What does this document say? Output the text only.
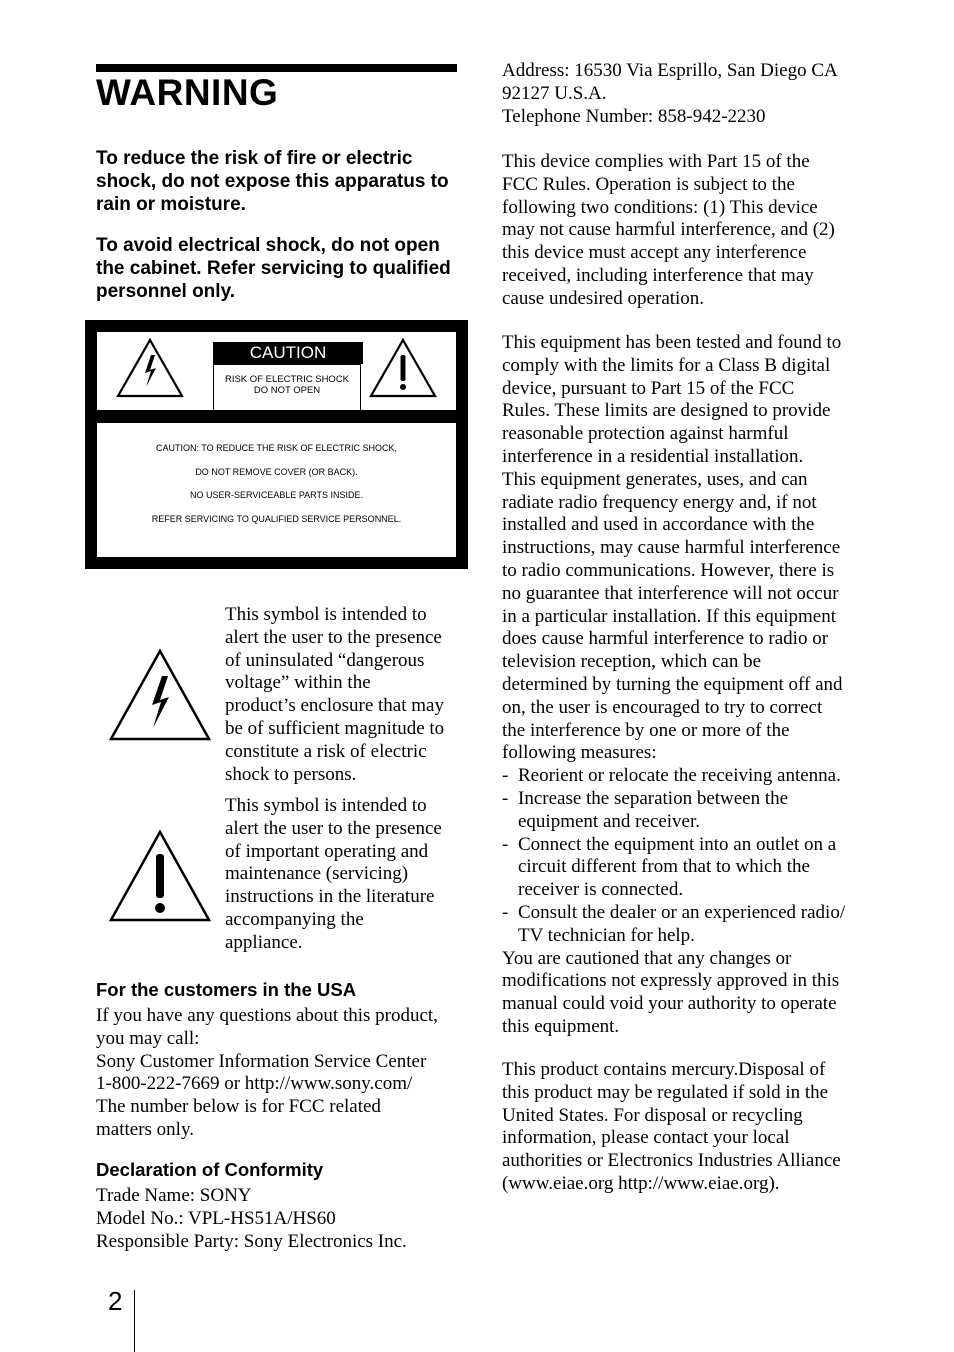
WARNING

To reduce the risk of fire or electric shock, do not expose this apparatus to rain or moisture.

To avoid electrical shock, do not open the cabinet. Refer servicing to qualified personnel only.

CAUTION
RISK OF ELECTRIC SHOCK
DO NOT OPEN
CAUTION: TO REDUCE THE RISK OF ELECTRIC SHOCK,
DO NOT REMOVE COVER (OR BACK).
NO USER-SERVICEABLE PARTS INSIDE.
REFER SERVICING TO QUALIFIED SERVICE PERSONNEL.
This symbol is intended to
alert the user to the presence
of uninsulated “dangerous
voltage” within the
product’s enclosure that may
be of sufficient magnitude to
constitute a risk of electric
shock to persons.
This symbol is intended to
alert the user to the presence
of important operating and
maintenance (servicing)
instructions in the literature
accompanying the
appliance.
For the customers in the USA
If you have any questions about this product,
you may call:
Sony Customer Information Service Center
1-800-222-7669 or http://www.sony.com/
The number below is for FCC related
matters only.
Declaration of Conformity
Trade Name: SONY
Model No.: VPL-HS51A/HS60
Responsible Party: Sony Electronics Inc.
Address: 16530 Via Esprillo, San Diego CA
92127 U.S.A.
Telephone Number: 858-942-2230
This device complies with Part 15 of the
FCC Rules. Operation is subject to the
following two conditions: (1) This device
may not cause harmful interference, and (2)
this device must accept any interference
received, including interference that may
cause undesired operation.
This equipment has been tested and found to
comply with the limits for a Class B digital
device, pursuant to Part 15 of the FCC
Rules. These limits are designed to provide
reasonable protection against harmful
interference in a residential installation.
This equipment generates, uses, and can
radiate radio frequency energy and, if not
installed and used in accordance with the
instructions, may cause harmful interference
to radio communications. However, there is
no guarantee that interference will not occur
in a particular installation. If this equipment
does cause harmful interference to radio or
television reception, which can be
determined by turning the equipment off and
on, the user is encouraged to try to correct
the interference by one or more of the
following measures:
- Reorient or relocate the receiving antenna.
- Increase the separation between the
equipment and receiver.
- Connect the equipment into an outlet on a
circuit different from that to which the
receiver is connected.
- Consult the dealer or an experienced radio/
TV technician for help.
You are cautioned that any changes or
modifications not expressly approved in this
manual could void your authority to operate
this equipment.
This product contains mercury.Disposal of
this product may be regulated if sold in the
United States. For disposal or recycling
information, please contact your local
authorities or Electronics Industries Alliance
(www.eiae.org http://www.eiae.org).
2
